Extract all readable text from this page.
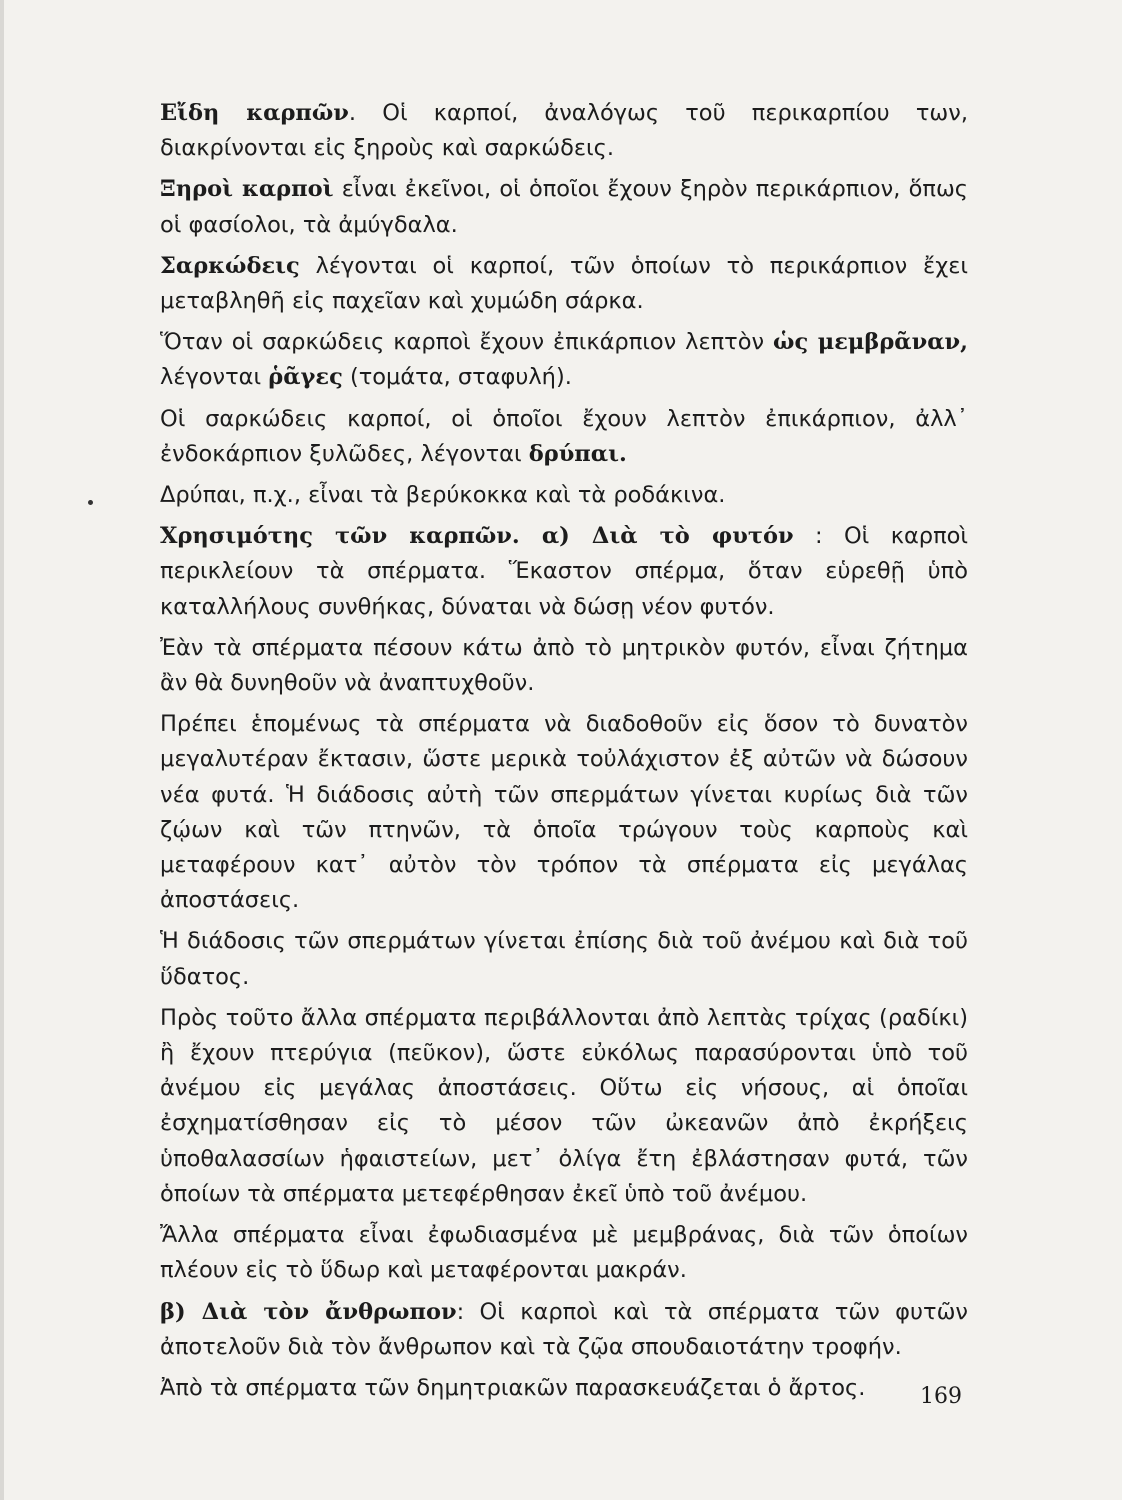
Εἴδη καρπῶν. Οἱ καρποί, ἀναλόγως τοῦ περικαρπίου των, διακρίνονται εἰς ξηροὺς καὶ σαρκώδεις.

Ξηροὶ καρποὶ εἶναι ἐκεῖνοι, οἱ ὁποῖοι ἔχουν ξηρὸν περικάρπιον, ὅπως οἱ φασίολοι, τὰ ἀμύγδαλα.

Σαρκώδεις λέγονται οἱ καρποί, τῶν ὁποίων τὸ περικάρπιον ἔχει μεταβληθῆ εἰς παχεῖαν καὶ χυμώδη σάρκα.

Ὅταν οἱ σαρκώδεις καρποὶ ἔχουν ἐπικάρπιον λεπτὸν ὡς μεμβρᾶναν, λέγονται ῥᾶγες (τομάτα, σταφυλή).

Οἱ σαρκώδεις καρποί, οἱ ὁποῖοι ἔχουν λεπτὸν ἐπικάρπιον, ἀλλ᾿ ἐνδοκάρπιον ξυλῶδες, λέγονται δρύπαι.

Δρύπαι, π.χ., εἶναι τὰ βερύκοκκα καὶ τὰ ροδάκινα.

Χρησιμότης τῶν καρπῶν. α) Διὰ τὸ φυτόν : Οἱ καρποὶ περικλείουν τὰ σπέρματα. Ἕκαστον σπέρμα, ὅταν εὑρεθῇ ὑπὸ καταλλήλους συνθήκας, δύναται νὰ δώσῃ νέον φυτόν.

Ἐὰν τὰ σπέρματα πέσουν κάτω ἀπὸ τὸ μητρικὸν φυτόν, εἶναι ζήτημα ἂν θὰ δυνηθοῦν νὰ ἀναπτυχθοῦν.

Πρέπει ἑπομένως τὰ σπέρματα νὰ διαδοθοῦν εἰς ὅσον τὸ δυνατὸν μεγαλυτέραν ἔκτασιν, ὥστε μερικὰ τοὐλάχιστον ἐξ αὐτῶν νὰ δώσουν νέα φυτά. Ἡ διάδοσις αὐτὴ τῶν σπερμάτων γίνεται κυρίως διὰ τῶν ζῴων καὶ τῶν πτηνῶν, τὰ ὁποῖα τρώγουν τοὺς καρποὺς καὶ μεταφέρουν κατ᾿ αὐτὸν τὸν τρόπον τὰ σπέρματα εἰς μεγάλας ἀποστάσεις.

Ἡ διάδοσις τῶν σπερμάτων γίνεται ἐπίσης διὰ τοῦ ἀνέμου καὶ διὰ τοῦ ὕδατος.

Πρὸς τοῦτο ἄλλα σπέρματα περιβάλλονται ἀπὸ λεπτὰς τρίχας (ραδίκι) ἢ ἔχουν πτερύγια (πεῦκον), ὥστε εὐκόλως παρασύρονται ὑπὸ τοῦ ἀνέμου εἰς μεγάλας ἀποστάσεις. Οὕτω εἰς νήσους, αἱ ὁποῖαι ἐσχηματίσθησαν εἰς τὸ μέσον τῶν ὠκεανῶν ἀπὸ ἐκρήξεις ὑποθαλασσίων ἡφαιστείων, μετ᾿ ὀλίγα ἔτη ἐβλάστησαν φυτά, τῶν ὁποίων τὰ σπέρματα μετεφέρθησαν ἐκεῖ ὑπὸ τοῦ ἀνέμου.

Ἄλλα σπέρματα εἶναι ἐφωδιασμένα μὲ μεμβράνας, διὰ τῶν ὁποίων πλέουν εἰς τὸ ὕδωρ καὶ μεταφέρονται μακράν.

β) Διὰ τὸν ἄνθρωπον: Οἱ καρποὶ καὶ τὰ σπέρματα τῶν φυτῶν ἀποτελοῦν διὰ τὸν ἄνθρωπον καὶ τὰ ζῷα σπουδαιοτάτην τροφήν.

Ἀπὸ τὰ σπέρματα τῶν δημητριακῶν παρασκευάζεται ὁ ἄρτος.	169
